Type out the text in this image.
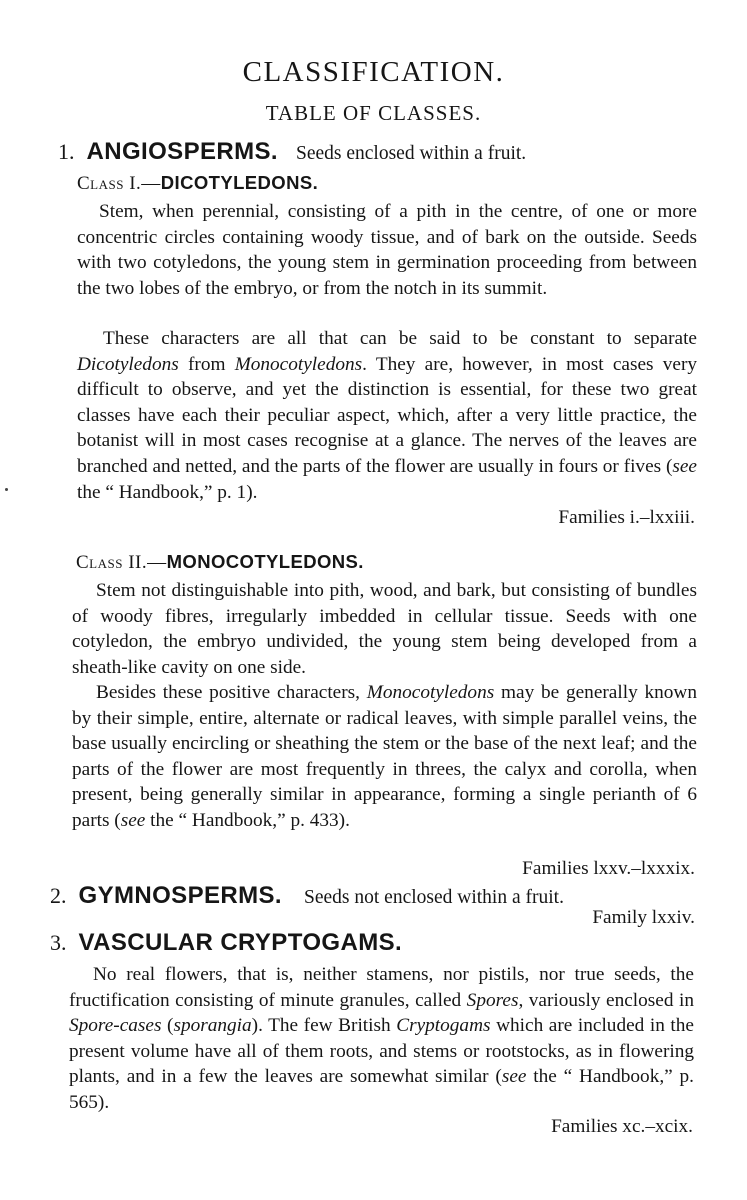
CLASSIFICATION.
TABLE OF CLASSES.
1. ANGIOSPERMS. Seeds enclosed within a fruit.
Class I.—DICOTYLEDONS.

Stem, when perennial, consisting of a pith in the centre, of one or more concentric circles containing woody tissue, and of bark on the outside. Seeds with two cotyledons, the young stem in germination proceeding from between the two lobes of the embryo, or from the notch in its summit.

These characters are all that can be said to be constant to separate Dicotyledons from Monocotyledons. They are, however, in most cases very difficult to observe, and yet the distinction is essential, for these two great classes have each their peculiar aspect, which, after a very little practice, the botanist will in most cases recognise at a glance. The nerves of the leaves are branched and netted, and the parts of the flower are usually in fours or fives (see the “ Handbook,” p. 1).

Families i.–lxxiii.
Class II.—MONOCOTYLEDONS.

Stem not distinguishable into pith, wood, and bark, but consisting of bundles of woody fibres, irregularly imbedded in cellular tissue. Seeds with one cotyledon, the embryo undivided, the young stem being developed from a sheath-like cavity on one side.

Besides these positive characters, Monocotyledons may be generally known by their simple, entire, alternate or radical leaves, with simple parallel veins, the base usually encircling or sheathing the stem or the base of the next leaf; and the parts of the flower are most frequently in threes, the calyx and corolla, when present, being generally similar in appearance, forming a single perianth of 6 parts (see the “ Handbook,” p. 433).

Families lxxv.–lxxxix.
2. GYMNOSPERMS. Seeds not enclosed within a fruit.
Family lxxiv.
3. VASCULAR CRYPTOGAMS.

No real flowers, that is, neither stamens, nor pistils, nor true seeds, the fructification consisting of minute granules, called Spores, variously enclosed in Spore-cases (sporangia). The few British Cryptogams which are included in the present volume have all of them roots, and stems or rootstocks, as in flowering plants, and in a few the leaves are somewhat similar (see the “ Handbook,” p. 565).

Families xc.–xcix.
